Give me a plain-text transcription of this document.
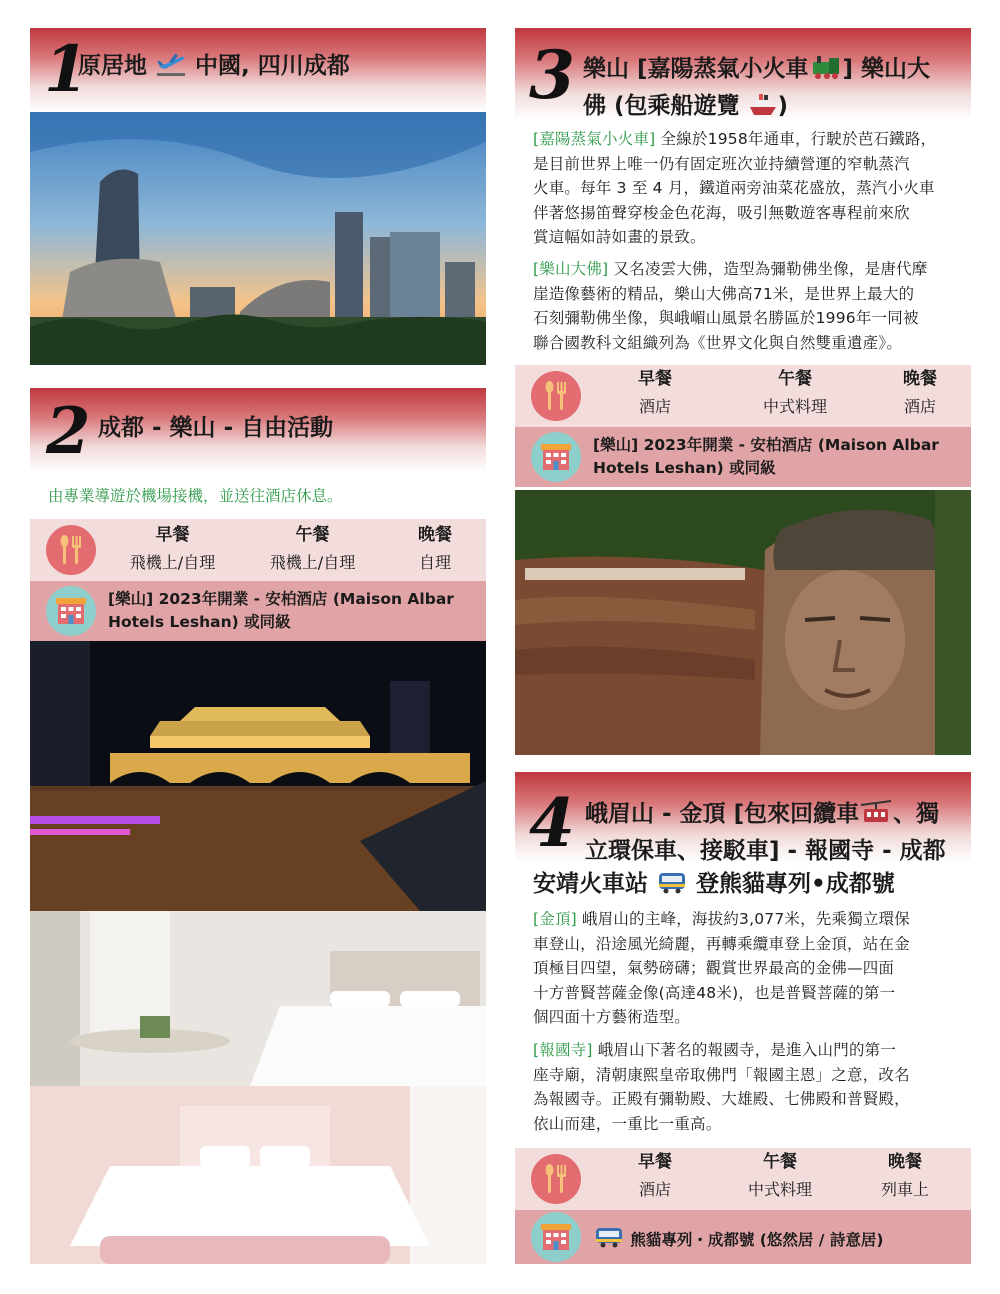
1
原居地 中國, 四川成都
2 成都 - 樂山 - 自由活動
由專業導遊於機場接機，並送往酒店休息。
早餐
飛機上/自理
午餐
飛機上/自理
晚餐
自理
[樂山] 2023年開業 - 安柏酒店 (Maison Albar
Hotels Leshan) 或同級
3 樂山 [嘉陽蒸氣小火車 ] 樂山大
佛 (包乘船遊覽 )
[嘉陽蒸氣小火車] 全線於1958年通車，行駛於芭石鐵路，
是目前世界上唯一仍有固定班次並持續營運的窄軌蒸汽
火車。每年 3 至 4 月，鐵道兩旁油菜花盛放，蒸汽小火車
伴著悠揚笛聲穿梭金色花海，吸引無數遊客專程前來欣
賞這幅如詩如畫的景致。
[樂山大佛] 又名凌雲大佛，造型為彌勒佛坐像，是唐代摩
崖造像藝術的精品，樂山大佛高71米，是世界上最大的
石刻彌勒佛坐像，與峨嵋山風景名勝區於1996年一同被
聯合國教科文組織列為《世界文化與自然雙重遺產》。
早餐
酒店
午餐
中式料理
晚餐
酒店
[樂山] 2023年開業 - 安柏酒店 (Maison Albar
Hotels Leshan) 或同級
4 峨眉山 - 金頂 [包來回纜車 、獨
立環保車、接駁車] - 報國寺 - 成都
安靖火車站 登熊貓專列•成都號
[金頂] 峨眉山的主峰，海拔約3,077米，先乘獨立環保
車登山，沿途風光綺麗，再轉乘纜車登上金頂，站在金
頂極目四望，氣勢磅礴；觀賞世界最高的金佛—四面
十方普賢菩薩金像(高達48米)，也是普賢菩薩的第一
個四面十方藝術造型。
[報國寺] 峨眉山下著名的報國寺，是進入山門的第一
座寺廟，清朝康熙皇帝取佛門「報國主恩」之意，改名
為報國寺。正殿有彌勒殿、大雄殿、七佛殿和普賢殿，
依山而建，一重比一重高。
早餐
酒店
午餐
中式料理
晚餐
列車上
熊貓專列・成都號 (悠然居 / 詩意居)
